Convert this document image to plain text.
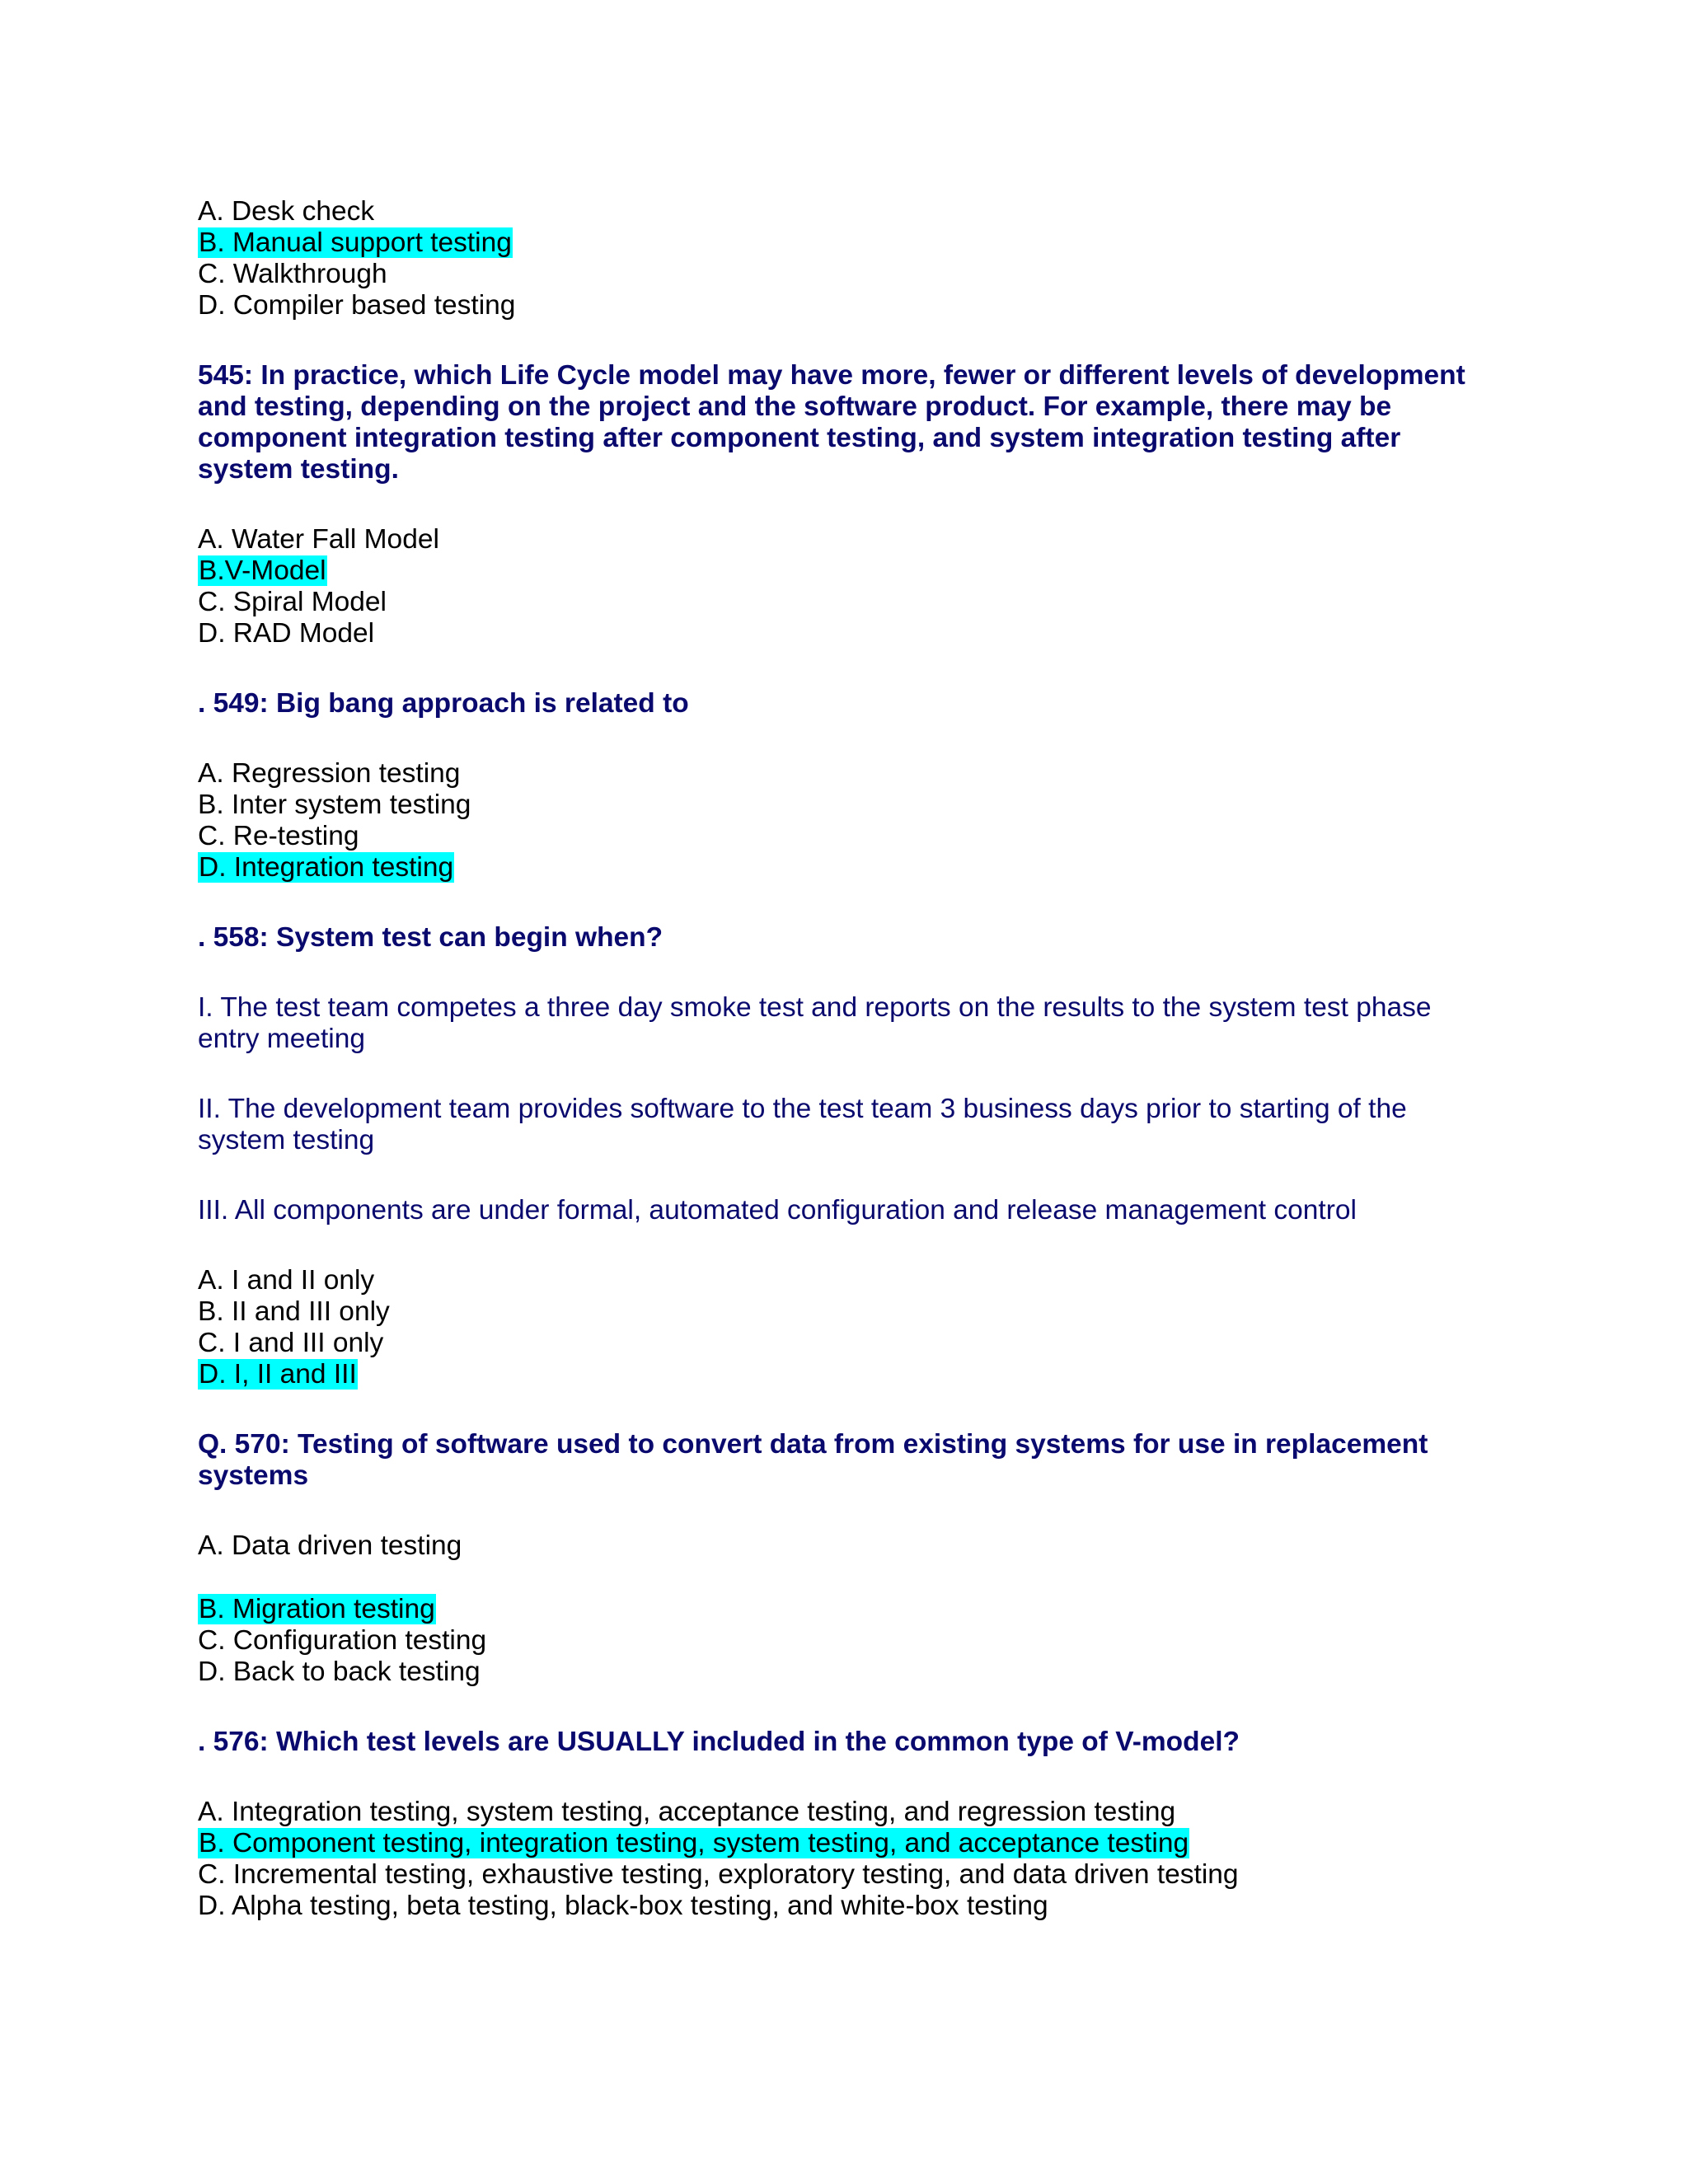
A. Desk check

B. Manual support testing

C. Walkthrough

D. Compiler based testing

545: In practice, which Life Cycle model may have more, fewer or different levels of development

and testing, depending on the project and the software product. For example, there may be

component integration testing after component testing, and system integration testing after

system testing.

A. Water Fall Model

B.V-Model

C. Spiral Model

D. RAD Model

. 549: Big bang approach is related to

A. Regression testing

B. Inter system testing

C. Re-testing

D. Integration testing

. 558: System test can begin when?

I. The test team competes a three day smoke test and reports on the results to the system test phase

entry meeting

II. The development team provides software to the test team 3 business days prior to starting of the

system testing

III. All components are under formal, automated configuration and release management control

A. I and II only

B. II and III only

C. I and III only

D. I, II and III

Q. 570: Testing of software used to convert data from existing systems for use in replacement

systems

A. Data driven testing

B. Migration testing

C. Configuration testing

D. Back to back testing

. 576: Which test levels are USUALLY included in the common type of V-model?

A. Integration testing, system testing, acceptance testing, and regression testing

B. Component testing, integration testing, system testing, and acceptance testing

C. Incremental testing, exhaustive testing, exploratory testing, and data driven testing

D. Alpha testing, beta testing, black-box testing, and white-box testing
